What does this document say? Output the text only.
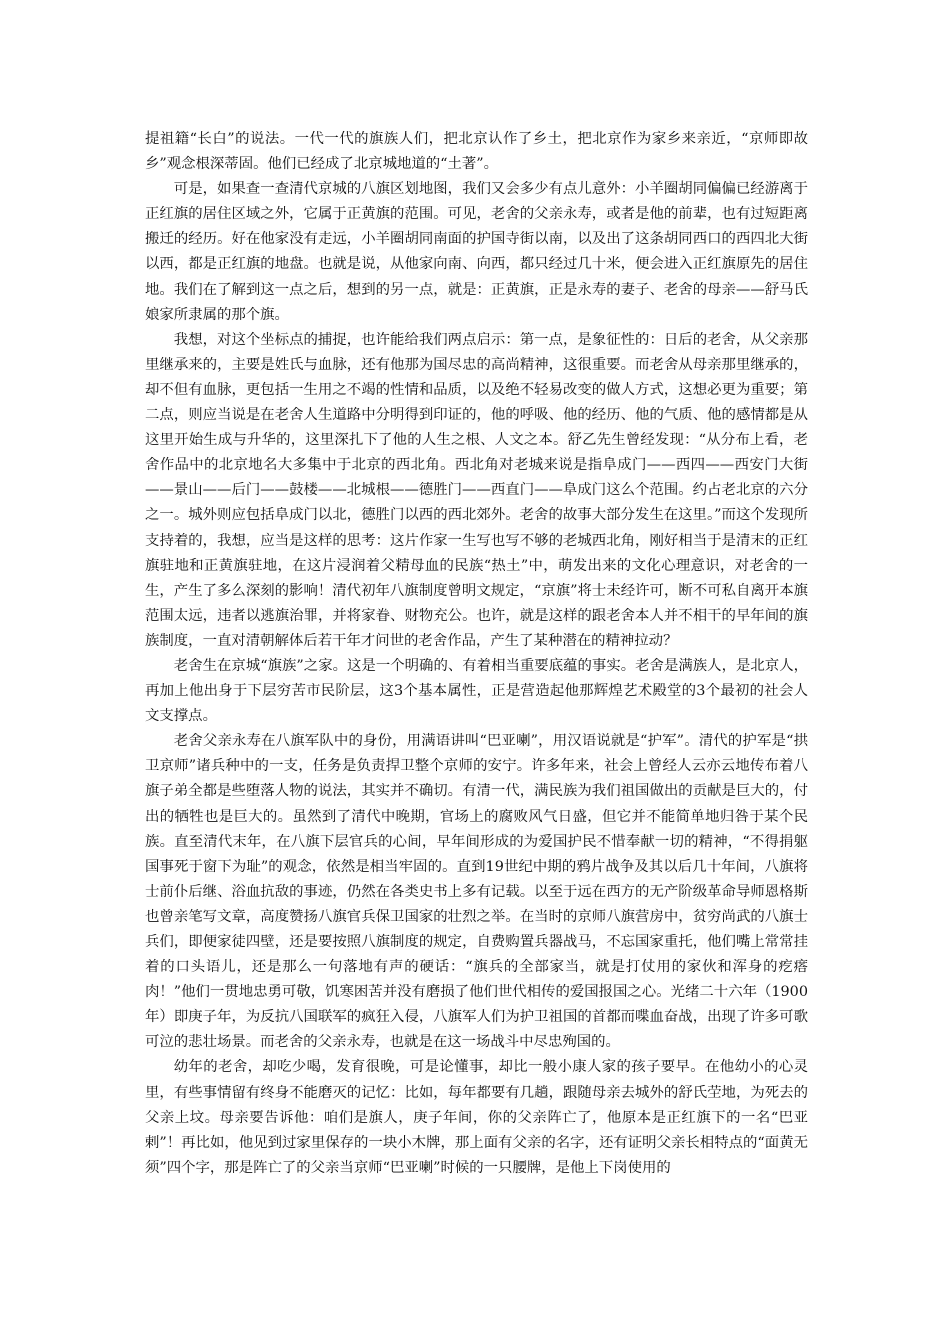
提祖籍“长白”的说法。一代一代的旗族人们，把北京认作了乡土，把北京作为家乡来亲近，“京师即故乡”观念根深蒂固。他们已经成了北京城地道的“土著”。

可是，如果查一查清代京城的八旗区划地图，我们又会多少有点儿意外：小羊圈胡同偏偏已经游离于正红旗的居住区域之外，它属于正黄旗的范围。可见，老舍的父亲永寿，或者是他的前辈，也有过短距离搬迁的经历。好在他家没有走远，小羊圈胡同南面的护国寺街以南，以及出了这条胡同西口的西四北大街以西，都是正红旗的地盘。也就是说，从他家向南、向西，都只经过几十米，便会进入正红旗原先的居住地。我们在了解到这一点之后，想到的另一点，就是：正黄旗，正是永寿的妻子、老舍的母亲——舒马氏娘家所隶属的那个旗。

我想，对这个坐标点的捕捉，也许能给我们两点启示：第一点，是象征性的：日后的老舍，从父亲那里继承来的，主要是姓氏与血脉，还有他那为国尽忠的高尚精神，这很重要。而老舍从母亲那里继承的，却不但有血脉，更包括一生用之不竭的性情和品质，以及绝不轻易改变的做人方式，这想必更为重要；第二点，则应当说是在老舍人生道路中分明得到印证的，他的呼吸、他的经历、他的气质、他的感情都是从这里开始生成与升华的，这里深扎下了他的人生之根、人文之本。舒乙先生曾经发现：“从分布上看，老舍作品中的北京地名大多集中于北京的西北角。西北角对老城来说是指阜成门——西四——西安门大街——景山——后门——鼓楼——北城根——德胜门——西直门——阜成门这么个范围。约占老北京的六分之一。城外则应包括阜成门以北，德胜门以西的西北郊外。老舍的故事大部分发生在这里。”而这个发现所支持着的，我想，应当是这样的思考：这片作家一生写也写不够的老城西北角，刚好相当于是清末的正红旗驻地和正黄旗驻地，在这片浸润着父精母血的民族“热土”中，萌发出来的文化心理意识，对老舍的一生，产生了多么深刻的影响！清代初年八旗制度曾明文规定，“京旗”将士未经许可，断不可私自离开本旗范围太远，违者以逃旗治罪，并将家眷、财物充公。也许，就是这样的跟老舍本人并不相干的早年间的旗族制度，一直对清朝解体后若干年才问世的老舍作品，产生了某种潜在的精神拉动？

老舍生在京城“旗族”之家。这是一个明确的、有着相当重要底蕴的事实。老舍是满族人，是北京人，再加上他出身于下层穷苦市民阶层，这3个基本属性，正是营造起他那辉煌艺术殿堂的3个最初的社会人文支撑点。

老舍父亲永寿在八旗军队中的身份，用满语讲叫“巴亚喇”，用汉语说就是“护军”。清代的护军是“拱卫京师”诸兵种中的一支，任务是负责捍卫整个京师的安宁。许多年来，社会上曾经人云亦云地传布着八旗子弟全都是些堕落人物的说法，其实并不确切。有清一代，满民族为我们祖国做出的贡献是巨大的，付出的牺牲也是巨大的。虽然到了清代中晚期，官场上的腐败风气日盛，但它并不能简单地归咎于某个民族。直至清代末年，在八旗下层官兵的心间，早年间形成的为爱国护民不惜奉献一切的精神，“不得捐躯国事死于窗下为耻”的观念，依然是相当牢固的。直到19世纪中期的鸦片战争及其以后几十年间，八旗将士前仆后继、浴血抗敌的事迹，仍然在各类史书上多有记载。以至于远在西方的无产阶级革命导师恩格斯也曾亲笔写文章，高度赞扬八旗官兵保卫国家的壮烈之举。在当时的京师八旗营房中，贫穷尚武的八旗士兵们，即便家徒四壁，还是要按照八旗制度的规定，自费购置兵器战马，不忘国家重托，他们嘴上常常挂着的口头语儿，还是那么一句落地有声的硬话：“旗兵的全部家当，就是打仗用的家伙和浑身的疙瘩肉！”他们一贯地忠勇可敬，饥寒困苦并没有磨损了他们世代相传的爱国报国之心。光绪二十六年（1900年）即庚子年，为反抗八国联军的疯狂入侵，八旗军人们为护卫祖国的首都而喋血奋战，出现了许多可歌可泣的悲壮场景。而老舍的父亲永寿，也就是在这一场战斗中尽忠殉国的。

幼年的老舍，却吃少喝，发育很晚，可是论懂事，却比一般小康人家的孩子要早。在他幼小的心灵里，有些事情留有终身不能磨灭的记忆：比如，每年都要有几趟，跟随母亲去城外的舒氏茔地，为死去的父亲上坟。母亲要告诉他：咱们是旗人，庚子年间，你的父亲阵亡了，他原本是正红旗下的一名“巴亚剌”！再比如，他见到过家里保存的一块小木牌，那上面有父亲的名字，还有证明父亲长相特点的“面黄无须”四个字，那是阵亡了的父亲当京师“巴亚喇”时候的一只腰牌，是他上下岗使用的
